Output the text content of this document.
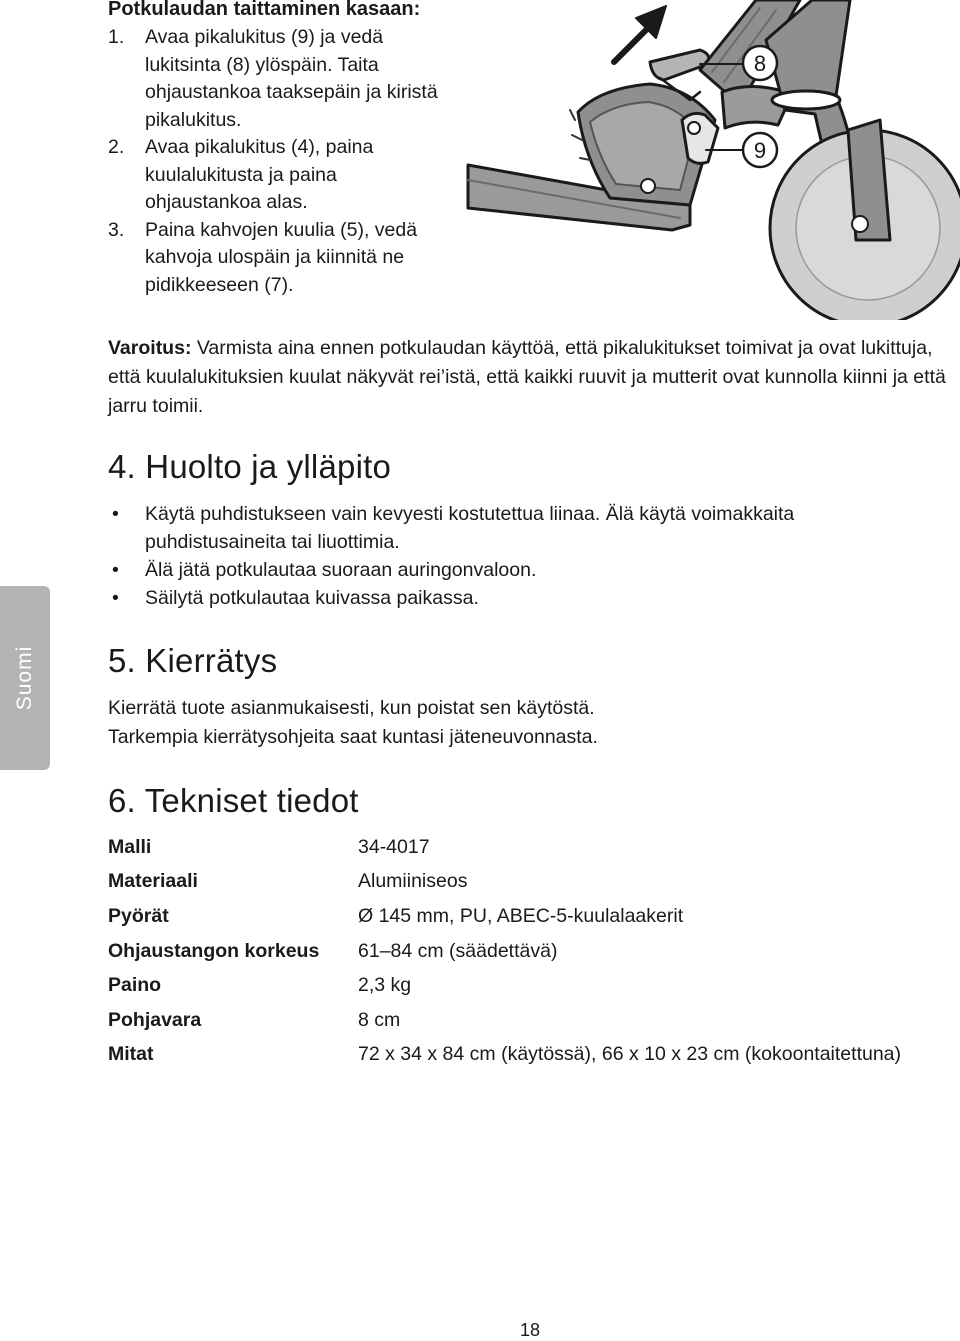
Potkulaudan taittaminen kasaan:
1. Avaa pikalukitus (9) ja vedä lukitsinta (8) ylöspäin. Taita ohjaustankoa taaksepäin ja kiristä pikalukitus.
2. Avaa pikalukitus (4), paina kuulalukitusta ja paina ohjaustankoa alas.
3. Paina kahvojen kuulia (5), vedä kahvoja ulospäin ja kiinnitä ne pidikkeeseen (7).
8
9
Varoitus: Varmista aina ennen potkulaudan käyttöä, että pikalukitukset toimivat ja ovat lukittuja, että kuulalukituksien kuulat näkyvät rei’istä, että kaikki ruuvit ja mutterit ovat kunnolla kiinni ja että jarru toimii.
4. Huolto ja ylläpito
• Käytä puhdistukseen vain kevyesti kostutettua liinaa. Älä käytä voimakkaita puhdistusaineita tai liuottimia.
• Älä jätä potkulautaa suoraan auringonvaloon.
• Säilytä potkulautaa kuivassa paikassa.
Suomi 5. Kierrätys
Kierrätä tuote asianmukaisesti, kun poistat sen käytöstä.
Tarkempia kierrätysohjeita saat kuntasi jäteneuvonnasta.
6. Tekniset tiedot
Malli	34-4017
Materiaali	Alumiiniseos
Pyörät	Ø 145 mm, PU, ABEC-5-kuulalaakerit
Ohjaustangon korkeus	61–84 cm (säädettävä)
Paino	2,3 kg
Pohjavara	8 cm
Mitat	72 x 34 x 84 cm (käytössä), 66 x 10 x 23 cm (kokoontaitettuna)
18
